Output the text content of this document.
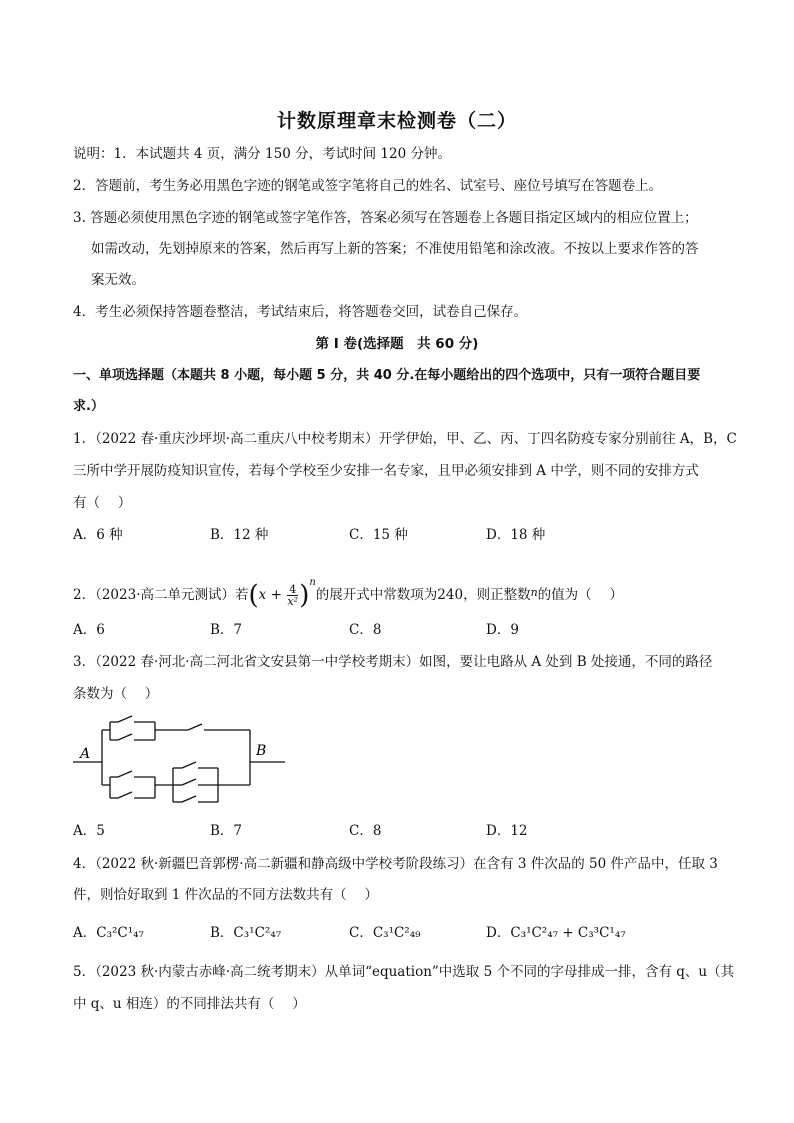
计数原理章末检测卷（二）
说明：1．本试题共 4 页，满分 150 分，考试时间 120 分钟。
2．答题前，考生务必用黑色字迹的钢笔或签字笔将自己的姓名、试室号、座位号填写在答题卷上。
3. 答题必须使用黑色字迹的钢笔或签字笔作答，答案必须写在答题卷上各题目指定区域内的相应位置上；
如需改动，先划掉原来的答案，然后再写上新的答案；不准使用铅笔和涂改液。不按以上要求作答的答
案无效。
4．考生必须保持答题卷整洁，考试结束后，将答题卷交回，试卷自己保存。
第 I 卷(选择题　共 60 分)
一、单项选择题（本题共 8 小题，每小题 5 分，共 40 分.在每小题给出的四个选项中，只有一项符合题目要
求.）
1．（2022 春·重庆沙坪坝·高二重庆八中校考期末）开学伊始，甲、乙、丙、丁四名防疫专家分别前往 A，B，C
三所中学开展防疫知识宣传，若每个学校至少安排一名专家，且甲必须安排到 A 中学，则不同的安排方式
有（　 ）
A．6 种	B．12 种	C．15 种	D．18 种
2．（2023·高二单元测试）若$(x + \frac{4}{\text{x²}} )^n$的展开式中常数项为240，则正整数$^n$的值为（　 ）
A．6	B．7	C．8	D．9
3．（2022 春·河北·高二河北省文安县第一中学校考期末）如图，要让电路从 A 处到 B 处接通，不同的路径
条数为（　 ）
A	B
A．5	B．7	C．8	D．12
4．（2022 秋·新疆巴音郭楞·高二新疆和静高级中学校考阶段练习）在含有 3 件次品的 50 件产品中，任取 3
件，则恰好取到 1 件次品的不同方法数共有（　 ）
A．C₃²C¹₄₇	B．C₃¹C²₄₇	C．C₃¹C²₄₉	D．C₃¹C²₄₇ + C₃³C¹₄₇
5．（2023 秋·内蒙古赤峰·高二统考期末）从单词“equation”中选取 5 个不同的字母排成一排，含有 q、u（其
中 q、u 相连）的不同排法共有（　 ）
